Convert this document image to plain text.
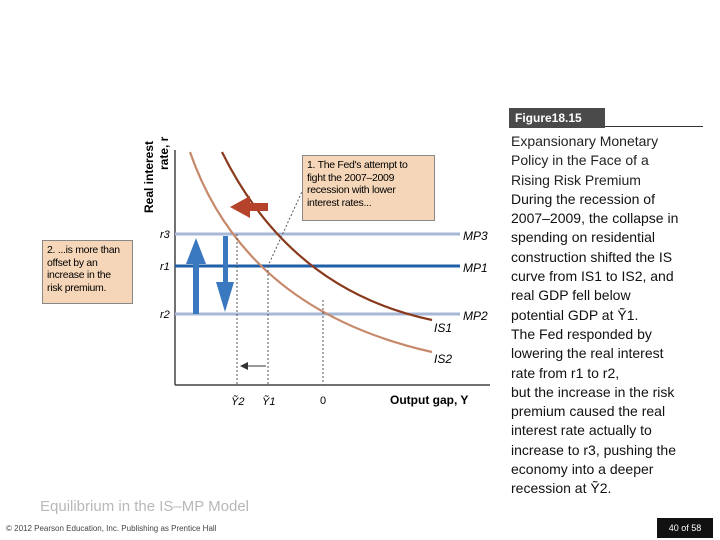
Real interest rate, r
r3
r1
r2
MP3
MP1
MP2
IS1
IS2
Ỹ2 Ỹ1	0	Output gap, Y
1. The Fed's attempt to
fight the 2007–2009
recession with lower
interest rates...
2. ...is more than
offset by an
increase in the
risk premium.
Figure18.15
Expansionary Monetary
Policy in the Face of a
Rising Risk Premium
During the recession of
2007–2009, the collapse in
spending on residential
construction shifted the IS
curve from IS1 to IS2, and
real GDP fell below
potential GDP at Ỹ1.
The Fed responded by
lowering the real interest
rate from r1 to r2,
but the increase in the risk
premium caused the real
interest rate actually to
increase to r3, pushing the
economy into a deeper
recession at Ỹ2.
Equilibrium in the IS–MP Model
© 2012 Pearson Education, Inc. Publishing as Prentice Hall	40 of 58
